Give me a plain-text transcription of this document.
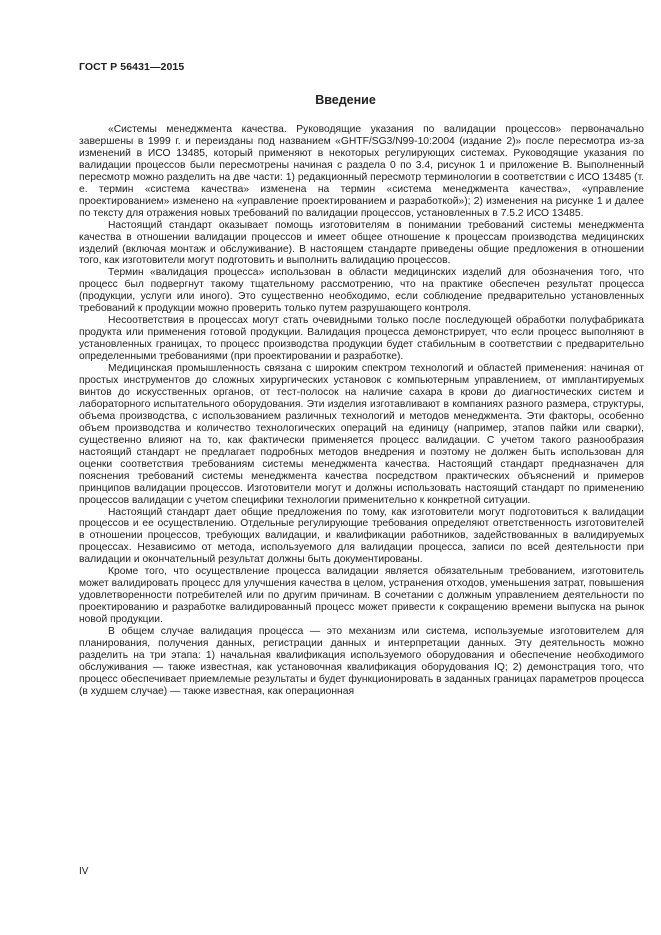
ГОСТ Р 56431—2015
Введение

«Системы менеджмента качества. Руководящие указания по валидации процессов» первоначально завершены в 1999 г. и переизданы под названием «GHTF/SG3/N99-10:2004 (издание 2)» после пересмотра из-за изменений в ИСО 13485, который применяют в некоторых регулирующих системах. Руководящие указания по валидации процессов были пересмотрены начиная с раздела 0 по 3.4, рисунок 1 и приложение В. Выполненный пересмотр можно разделить на две части: 1) редакционный пересмотр терминологии в соответствии с ИСО 13485 (т. е. термин «система качества» изменена на термин «система менеджмента качества», «управление проектированием» изменено на «управление проектированием и разработкой»); 2) изменения на рисунке 1 и далее по тексту для отражения новых требований по валидации процессов, установленных в 7.5.2 ИСО 13485.

Настоящий стандарт оказывает помощь изготовителям в понимании требований системы менеджмента качества в отношении валидации процессов и имеет общее отношение к процессам производства медицинских изделий (включая монтаж и обслуживание). В настоящем стандарте приведены общие предложения в отношении того, как изготовители могут подготовить и выполнить валидацию процессов.

Термин «валидация процесса» использован в области медицинских изделий для обозначения того, что процесс был подвергнут такому тщательному рассмотрению, что на практике обеспечен результат процесса (продукции, услуги или иного). Это существенно необходимо, если соблюдение предварительно установленных требований к продукции можно проверить только путем разрушающего контроля.

Несоответствия в процессах могут стать очевидными только после последующей обработки полуфабриката продукта или применения готовой продукции. Валидация процесса демонстрирует, что если процесс выполняют в установленных границах, то процесс производства продукции будет стабильным в соответствии с предварительно определенными требованиями (при проектировании и разработке).

Медицинская промышленность связана с широким спектром технологий и областей применения: начиная от простых инструментов до сложных хирургических установок с компьютерным управлением, от имплантируемых винтов до искусственных органов, от тест-полосок на наличие сахара в крови до диагностических систем и лабораторного испытательного оборудования. Эти изделия изготавливают в компаниях разного размера, структуры, объема производства, с использованием различных технологий и методов менеджмента. Эти факторы, особенно объем производства и количество технологических операций на единицу (например, этапов пайки или сварки), существенно влияют на то, как фактически применяется процесс валидации. С учетом такого разнообразия настоящий стандарт не предлагает подробных методов внедрения и поэтому не должен быть использован для оценки соответствия требованиям системы менеджмента качества. Настоящий стандарт предназначен для пояснения требований системы менеджмента качества посредством практических объяснений и примеров принципов валидации процессов. Изготовители могут и должны использовать настоящий стандарт по применению процессов валидации с учетом специфики технологии применительно к конкретной ситуации.

Настоящий стандарт дает общие предложения по тому, как изготовители могут подготовиться к валидации процессов и ее осуществлению. Отдельные регулирующие требования определяют ответственность изготовителей в отношении процессов, требующих валидации, и квалификации работников, задействованных в валидируемых процессах. Независимо от метода, используемого для валидации процесса, записи по всей деятельности при валидации и окончательный результат должны быть документированы.

Кроме того, что осуществление процесса валидации является обязательным требованием, изготовитель может валидировать процесс для улучшения качества в целом, устранения отходов, уменьшения затрат, повышения удовлетворенности потребителей или по другим причинам. В сочетании с должным управлением деятельности по проектированию и разработке валидированный процесс может привести к сокращению времени выпуска на рынок новой продукции.

В общем случае валидация процесса — это механизм или система, используемые изготовителем для планирования, получения данных, регистрации данных и интерпретации данных. Эту деятельность можно разделить на три этапа: 1) начальная квалификация используемого оборудования и обеспечение необходимого обслуживания — также известная, как установочная квалификация оборудования IQ; 2) демонстрация того, что процесс обеспечивает приемлемые результаты и будет функционировать в заданных границах параметров процесса (в худшем случае) — также известная, как операционная

IV
